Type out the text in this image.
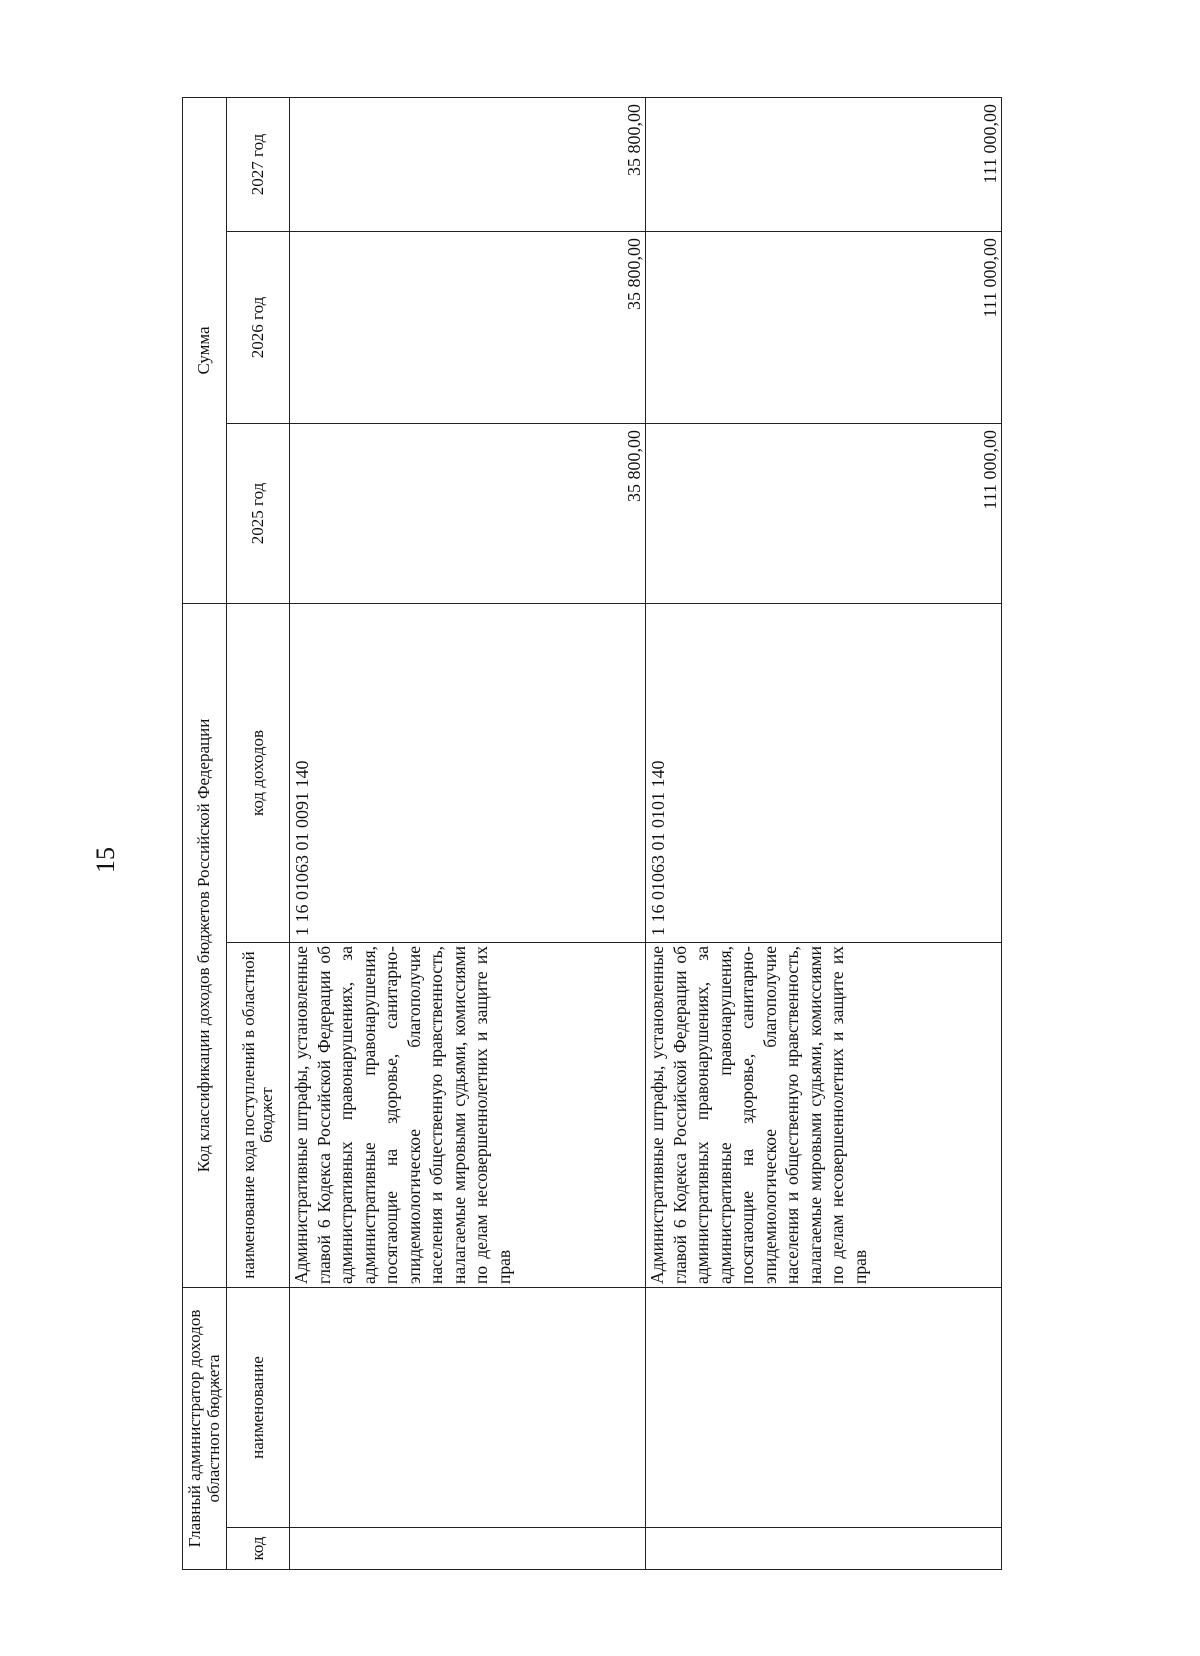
15
Главный администратор доходов областного бюджета		Код классификации доходов бюджетов Российской Федерации		Сумма		
код	наименование	наименование кода поступлений в областной бюджет	код доходов	2025 год	2026 год	2027 год
		Административные штрафы, установленные главой 6 Кодекса Российской Федерации об административных правонарушениях, за административные правонарушения, посягающие на здоровье, санитарно-эпидемиологическое благополучие населения и общественную нравственность, налагаемые мировыми судьями, комиссиями по делам несовершеннолетних и защите их прав	1 16 01063 01 0091 140	35 800,00	35 800,00	35 800,00
		Административные штрафы, установленные главой 6 Кодекса Российской Федерации об административных правонарушениях, за административные правонарушения, посягающие на здоровье, санитарно-эпидемиологическое благополучие населения и общественную нравственность, налагаемые мировыми судьями, комиссиями по делам несовершеннолетних и защите их прав	1 16 01063 01 0101 140	111 000,00	111 000,00	111 000,00
